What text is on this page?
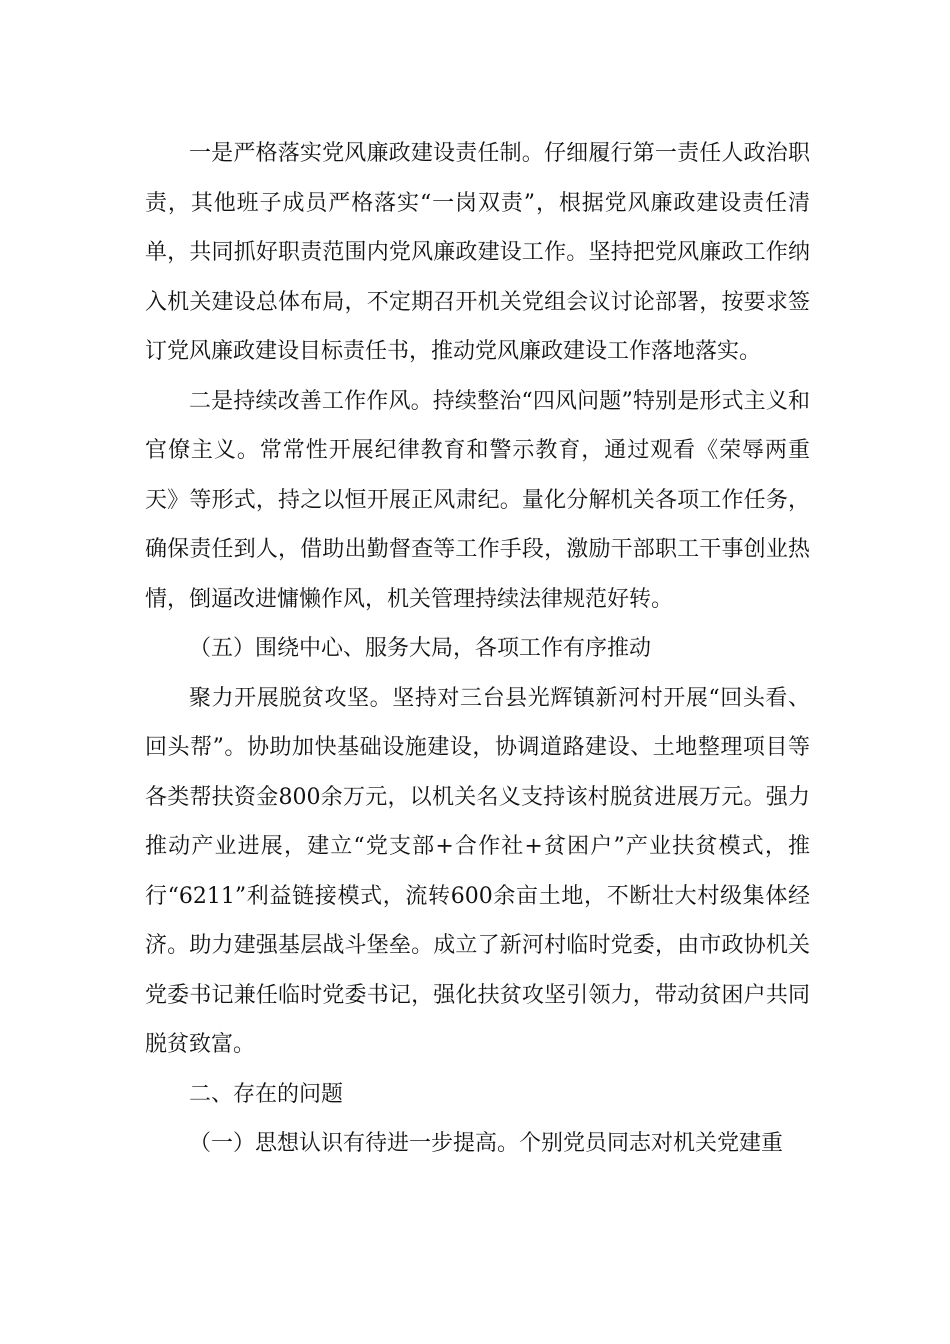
一是严格落实党风廉政建设责任制。仔细履行第一责任人政治职责，其他班子成员严格落实“一岗双责”，根据党风廉政建设责任清单，共同抓好职责范围内党风廉政建设工作。坚持把党风廉政工作纳入机关建设总体布局，不定期召开机关党组会议讨论部署，按要求签订党风廉政建设目标责任书，推动党风廉政建设工作落地落实。

二是持续改善工作作风。持续整治“四风问题”特别是形式主义和官僚主义。常常性开展纪律教育和警示教育，通过观看《荣辱两重天》等形式，持之以恒开展正风肃纪。量化分解机关各项工作任务，确保责任到人，借助出勤督查等工作手段，激励干部职工干事创业热情，倒逼改进慵懒作风，机关管理持续法律规范好转。

（五）围绕中心、服务大局，各项工作有序推动

聚力开展脱贫攻坚。坚持对三台县光辉镇新河村开展“回头看、回头帮”。协助加快基础设施建设，协调道路建设、土地整理项目等各类帮扶资金800余万元，以机关名义支持该村脱贫进展万元。强力推动产业进展，建立“党支部+合作社+贫困户”产业扶贫模式，推行“6211”利益链接模式，流转600余亩土地，不断壮大村级集体经济。助力建强基层战斗堡垒。成立了新河村临时党委，由市政协机关党委书记兼任临时党委书记，强化扶贫攻坚引领力，带动贫困户共同脱贫致富。

二、存在的问题

（一）思想认识有待进一步提高。个别党员同志对机关党建重
